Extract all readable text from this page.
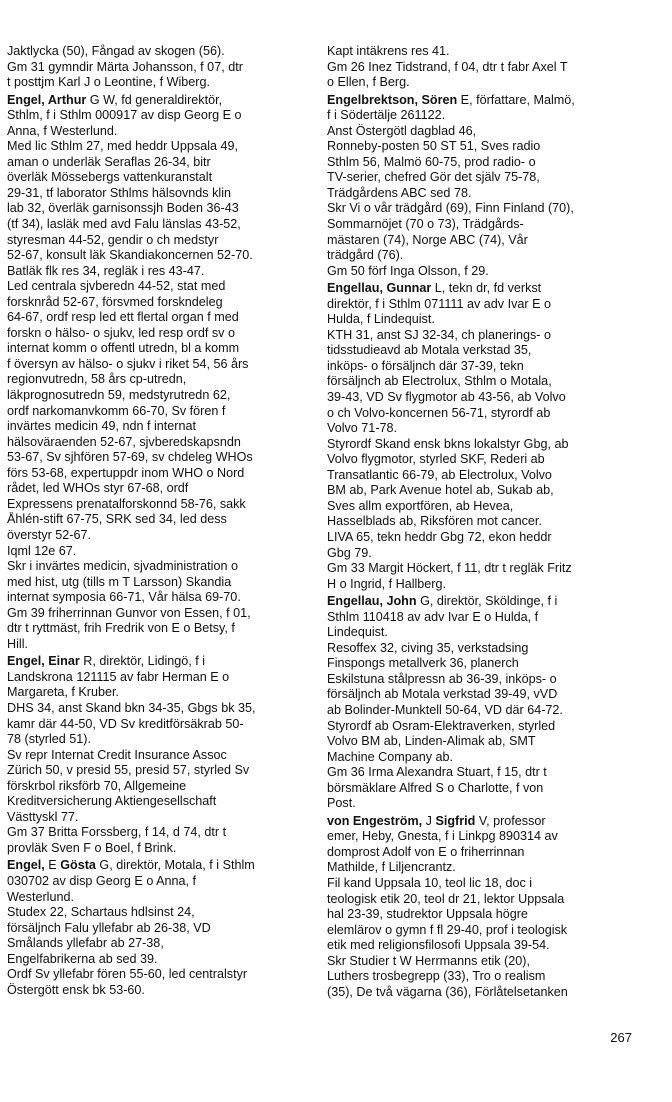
Jaktlycka (50), Fångad av skogen (56).
Gm 31 gymndir Märta Johansson, f 07, dtr
t posttjm Karl J o Leontine, f Wiberg.
Engel, Arthur G W, fd generaldirektör,
Sthlm, f i Sthlm 000917 av disp Georg E o
Anna, f Westerlund.
Med lic Sthlm 27, med heddr Uppsala 49,
aman o underläk Seraflas 26-34, bitr
överläk Mössebergs vattenkuranstalt
29-31, tf laborator Sthlms hälsovnds klin
lab 32, överläk garnisonssjh Boden 36-43
(tf 34), lasläk med avd Falu länslas 43-52,
styresman 44-52, gendir o ch medstyr
52-67, konsult läk Skandiakoncernen 52-70.
Batläk flk res 34, regläk i res 43-47.
Led centrala sjvberedn 44-52, stat med
forsknråd 52-67, försvmed forskndeleg
64-67, ordf resp led ett flertal organ f med
forskn o hälso- o sjukv, led resp ordf sv o
internat komm o offentl utredn, bl a komm
f översyn av hälso- o sjukv i riket 54, 56 års
regionvutredn, 58 års cp-utredn,
läkprognosutredn 59, medstyrutredn 62,
ordf narkomanvkomm 66-70, Sv fören f
invärtes medicin 49, ndn f internat
hälsoväraenden 52-67, sjvberedskapsndn
53-67, Sv sjhfören 57-69, sv chdeleg WHOs
förs 53-68, expertuppdr inom WHO o Nord
rådet, led WHOs styr 67-68, ordf
Expressens prenatalforskonnd 58-76, sakk
Åhlén-stift 67-75, SRK sed 34, led dess
överstyr 52-67.
Iqml 12e 67.
Skr i invärtes medicin, sjvadministration o
med hist, utg (tills m T Larsson) Skandia
internat symposia 66-71, Vår hälsa 69-70.
Gm 39 friherrinnan Gunvor von Essen, f 01,
dtr t ryttmäst, frih Fredrik von E o Betsy, f
Hill.
Engel, Einar R, direktör, Lidingö, f i
Landskrona 121115 av fabr Herman E o
Margareta, f Kruber.
DHS 34, anst Skand bkn 34-35, Gbgs bk 35,
kamr där 44-50, VD Sv kreditförsäkrab 50-
78 (styrled 51).
Sv repr Internat Credit Insurance Assoc
Zürich 50, v presid 55, presid 57, styrled Sv
förskrbol riksförb 70, Allgemeine
Kreditversicherung Aktiengesellschaft
Västtyskl 77.
Gm 37 Britta Forssberg, f 14, d 74, dtr t
provläk Sven F o Boel, f Brink.
Engel, E Gösta G, direktör, Motala, f i Sthlm
030702 av disp Georg E o Anna, f
Westerlund.
Studex 22, Schartaus hdlsinst 24,
försäljnch Falu yllefabr ab 26-38, VD
Smålands yllefabr ab 27-38,
Engelfabrikerna ab sed 39.
Ordf Sv yllefabr fören 55-60, led centralstyr
Östergött ensk bk 53-60.
Kapt intäkrens res 41.
Gm 26 Inez Tidstrand, f 04, dtr t fabr Axel T
o Ellen, f Berg.
Engelbrektson, Sören E, författare, Malmö,
f i Södertälje 261122.
Anst Östergötl dagblad 46,
Ronneby-posten 50 ST 51, Sves radio
Sthlm 56, Malmö 60-75, prod radio- o
TV-serier, chefred Gör det själv 75-78,
Trädgårdens ABC sed 78.
Skr Vi o vår trädgård (69), Finn Finland (70),
Sommarnöjet (70 o 73), Trädgårds-
mästaren (74), Norge ABC (74), Vår
trädgård (76).
Gm 50 förf Inga Olsson, f 29.
Engellau, Gunnar L, tekn dr, fd verkst
direktör, f i Sthlm 071111 av adv Ivar E o
Hulda, f Lindequist.
KTH 31, anst SJ 32-34, ch planerings- o
tidsstudieavd ab Motala verkstad 35,
inköps- o försäljnch där 37-39, tekn
försäljnch ab Electrolux, Sthlm o Motala,
39-43, VD Sv flygmotor ab 43-56, ab Volvo
o ch Volvo-koncernen 56-71, styrordf ab
Volvo 71-78.
Styrordf Skand ensk bkns lokalstyr Gbg, ab
Volvo flygmotor, styrled SKF, Rederi ab
Transatlantic 66-79, ab Electrolux, Volvo
BM ab, Park Avenue hotel ab, Sukab ab,
Sves allm exportfören, ab Hevea,
Hasselblads ab, Riksfören mot cancer.
LIVA 65, tekn heddr Gbg 72, ekon heddr
Gbg 79.
Gm 33 Margit Höckert, f 11, dtr t regläk Fritz
H o Ingrid, f Hallberg.
Engellau, John G, direktör, Sköldinge, f i
Sthlm 110418 av adv Ivar E o Hulda, f
Lindequist.
Resoffex 32, civing 35, verkstadsing
Finspongs metallverk 36, planerch
Eskilstuna stålpressn ab 36-39, inköps- o
försäljnch ab Motala verkstad 39-49, vVD
ab Bolinder-Munktell 50-64, VD där 64-72.
Styrordf ab Osram-Elektraverken, styrled
Volvo BM ab, Linden-Alimak ab, SMT
Machine Company ab.
Gm 36 Irma Alexandra Stuart, f 15, dtr t
börsmäklare Alfred S o Charlotte, f von
Post.
von Engeström, J Sigfrid V, professor
emer, Heby, Gnesta, f i Linkpg 890314 av
domprost Adolf von E o friherrinnan
Mathilde, f Liljencrantz.
Fil kand Uppsala 10, teol lic 18, doc i
teologisk etik 20, teol dr 21, lektor Uppsala
hal 23-39, studrektor Uppsala högre
elemlärov o gymn f fl 29-40, prof i teologisk
etik med religionsfilosofi Uppsala 39-54.
Skr Studier t W Herrmanns etik (20),
Luthers trosbegrepp (33), Tro o realism
(35), De två vägarna (36), Förlåtelsetanken
267
